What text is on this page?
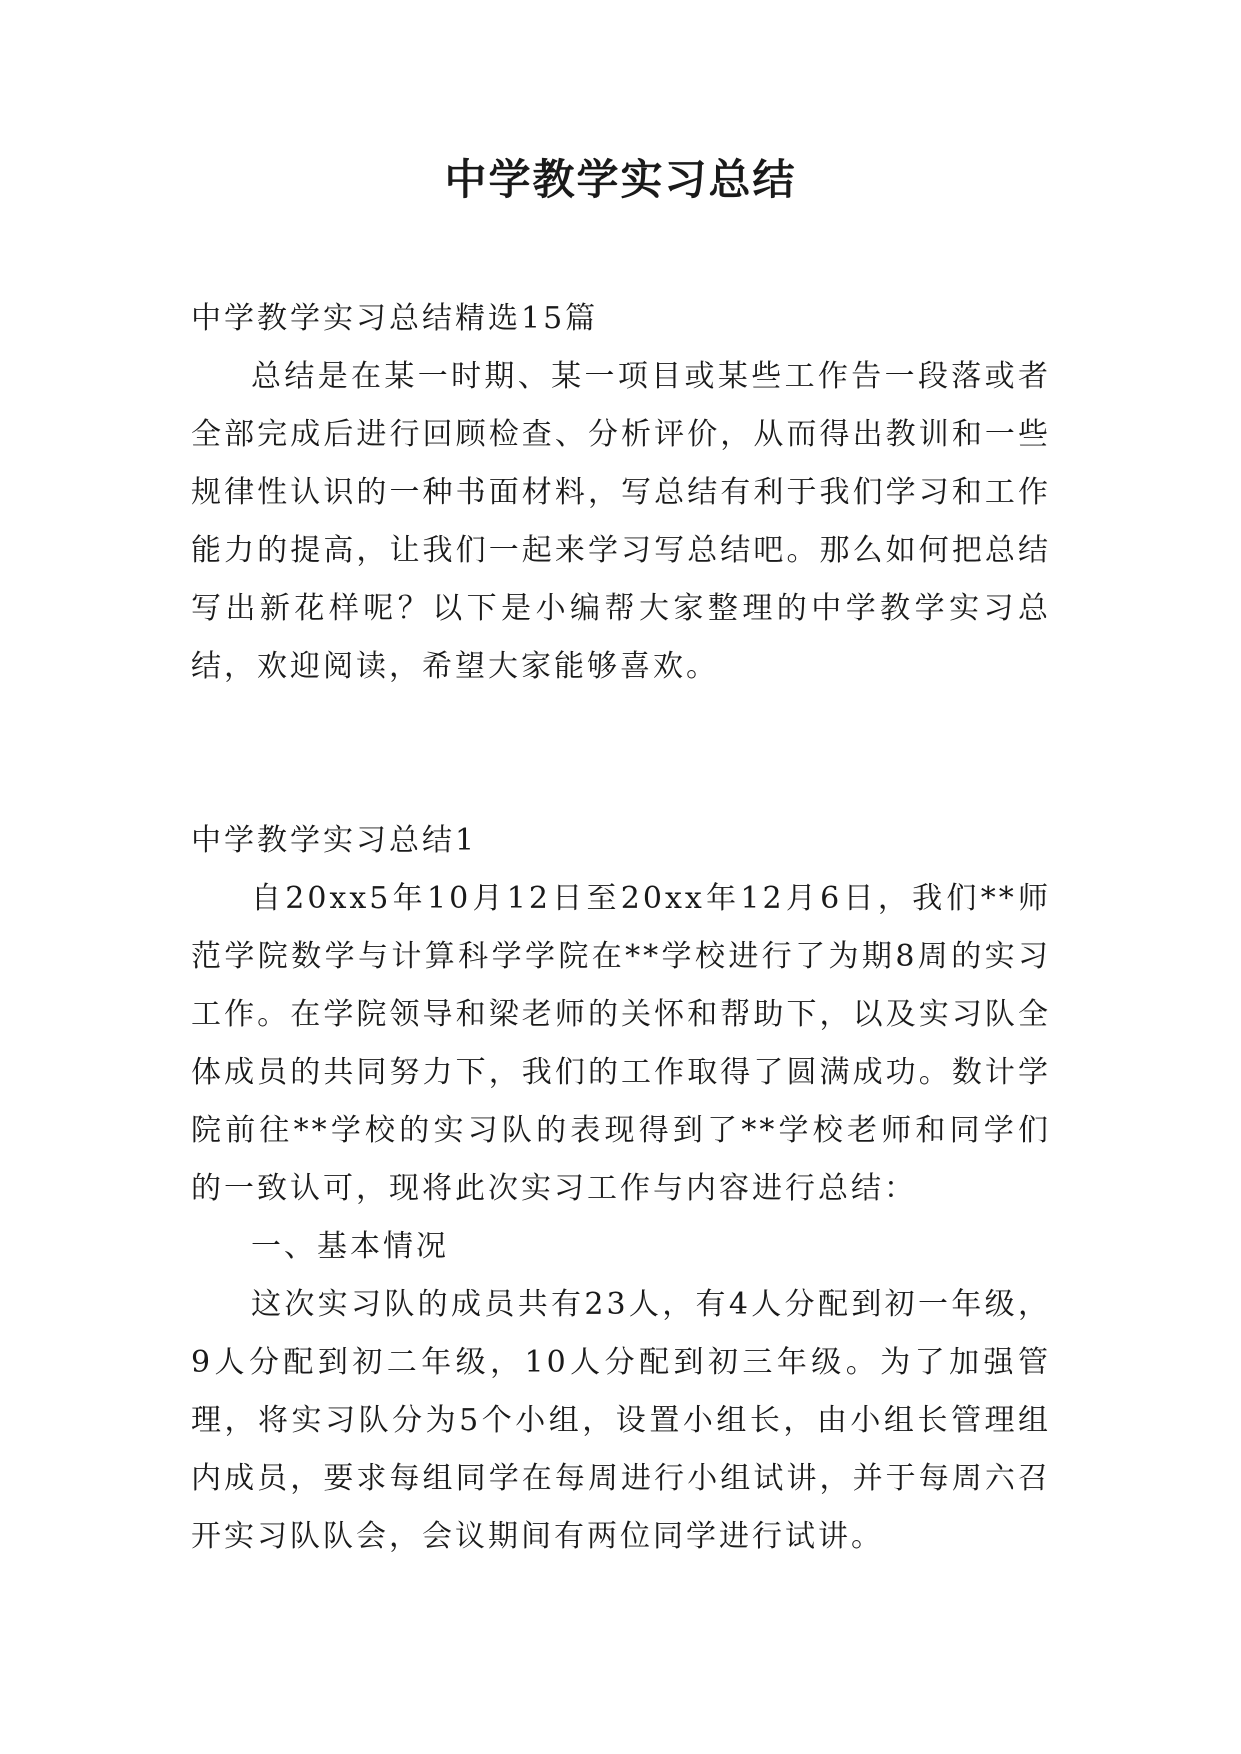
中学教学实习总结

中学教学实习总结精选15篇

总结是在某一时期、某一项目或某些工作告一段落或者全部完成后进行回顾检查、分析评价，从而得出教训和一些规律性认识的一种书面材料，写总结有利于我们学习和工作能力的提高，让我们一起来学习写总结吧。那么如何把总结写出新花样呢？以下是小编帮大家整理的中学教学实习总结，欢迎阅读，希望大家能够喜欢。

中学教学实习总结1

自20xx5年10月12日至20xx年12月6日，我们**师范学院数学与计算科学学院在**学校进行了为期8周的实习工作。在学院领导和梁老师的关怀和帮助下，以及实习队全体成员的共同努力下，我们的工作取得了圆满成功。数计学院前往**学校的实习队的表现得到了**学校老师和同学们的一致认可，现将此次实习工作与内容进行总结：

一、基本情况

这次实习队的成员共有23人，有4人分配到初一年级，9人分配到初二年级，10人分配到初三年级。为了加强管理，将实习队分为5个小组，设置小组长，由小组长管理组内成员，要求每组同学在每周进行小组试讲，并于每周六召开实习队队会，会议期间有两位同学进行试讲。
